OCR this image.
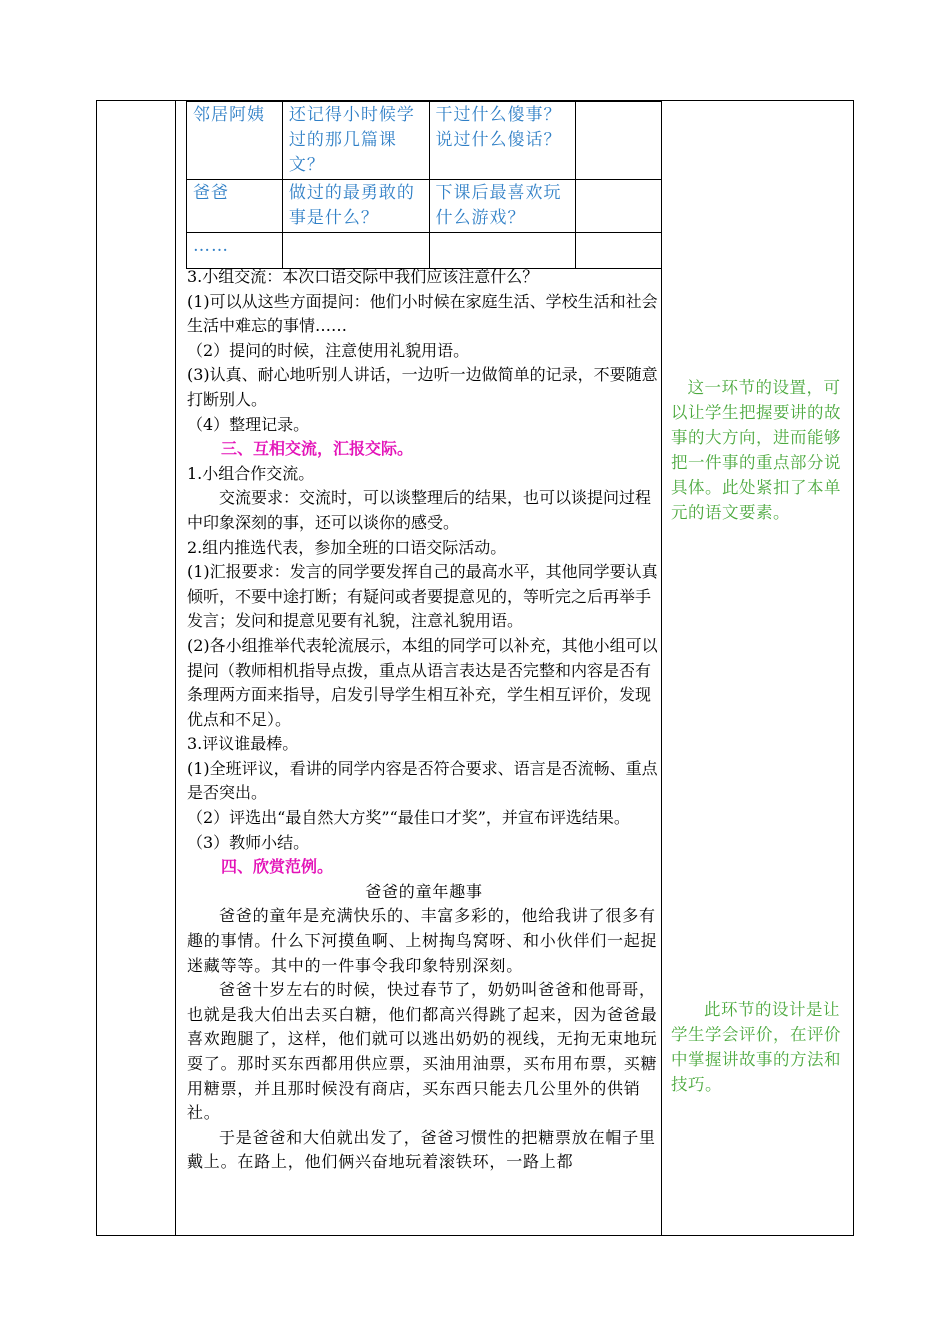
邻居阿姨	还记得小时候学过的那几篇课文？	干过什么傻事？说过什么傻话？	
爸爸	做过的最勇敢的事是什么？	下课后最喜欢玩什么游戏？	
……			

3.小组交流：本次口语交际中我们应该注意什么？

(1)可以从这些方面提问：他们小时候在家庭生活、学校生活和社会生活中难忘的事情……

（2）提问的时候，注意使用礼貌用语。

(3)认真、耐心地听别人讲话，一边听一边做简单的记录，不要随意打断别人。

（4）整理记录。

三、互相交流，汇报交际。

1.小组合作交流。

交流要求：交流时，可以谈整理后的结果，也可以谈提问过程中印象深刻的事，还可以谈你的感受。

2.组内推选代表，参加全班的口语交际活动。

(1)汇报要求：发言的同学要发挥自己的最高水平，其他同学要认真倾听，不要中途打断；有疑问或者要提意见的，等听完之后再举手发言；发问和提意见要有礼貌，注意礼貌用语。

(2)各小组推举代表轮流展示，本组的同学可以补充，其他小组可以提问（教师相机指导点拨，重点从语言表达是否完整和内容是否有条理两方面来指导，启发引导学生相互补充，学生相互评价，发现优点和不足）。

3.评议谁最棒。

(1)全班评议，看讲的同学内容是否符合要求、语言是否流畅、重点是否突出。

（2）评选出“最自然大方奖”“最佳口才奖”，并宣布评选结果。

（3）教师小结。

四、欣赏范例。

爸爸的童年趣事

爸爸的童年是充满快乐的、丰富多彩的，他给我讲了很多有趣的事情。什么下河摸鱼啊、上树掏鸟窝呀、和小伙伴们一起捉迷藏等等。其中的一件事令我印象特别深刻。

爸爸十岁左右的时候，快过春节了，奶奶叫爸爸和他哥哥，也就是我大伯出去买白糖，他们都高兴得跳了起来，因为爸爸最喜欢跑腿了，这样，他们就可以逃出奶奶的视线，无拘无束地玩耍了。那时买东西都用供应票，买油用油票，买布用布票，买糖用糖票，并且那时候没有商店，买东西只能去几公里外的供销社。

于是爸爸和大伯就出发了，爸爸习惯性的把糖票放在帽子里戴上。在路上，他们俩兴奋地玩着滚铁环，一路上都

这一环节的设置，可以让学生把握要讲的故事的大方向，进而能够把一件事的重点部分说具体。此处紧扣了本单元的语文要素。
此环节的设计是让学生学会评价，在评价中掌握讲故事的方法和技巧。
